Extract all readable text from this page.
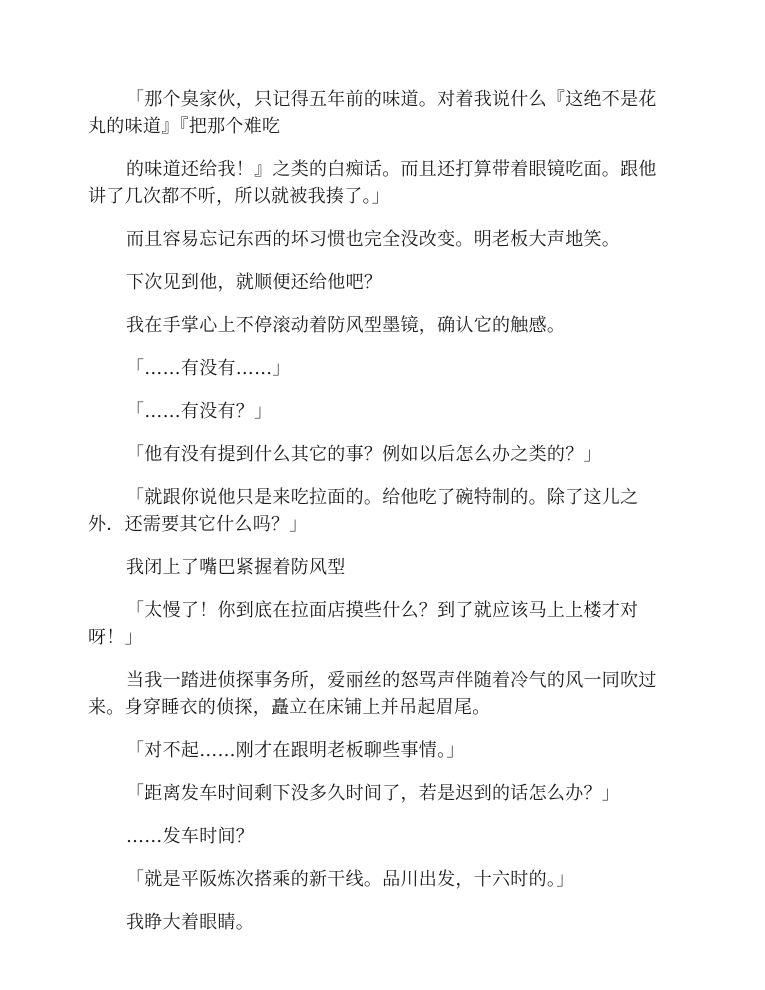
「那个臭家伙，只记得五年前的味道。对着我说什么『这绝不是花丸的味道』『把那个难吃

的味道还给我！』之类的白痴话。而且还打算带着眼镜吃面。跟他讲了几次都不听，所以就被我揍了。」

而且容易忘记东西的坏习惯也完全没改变。明老板大声地笑。

下次见到他，就顺便还给他吧？

我在手掌心上不停滚动着防风型墨镜，确认它的触感。

「……有没有……」

「……有没有？」

「他有没有提到什么其它的事？例如以后怎么办之类的？」

「就跟你说他只是来吃拉面的。给他吃了碗特制的。除了这儿之外．还需要其它什么吗？」

我闭上了嘴巴紧握着防风型

「太慢了！你到底在拉面店摸些什么？到了就应该马上上楼才对呀！」

当我一踏进侦探事务所，爱丽丝的怒骂声伴随着冷气的风一同吹过来。身穿睡衣的侦探，矗立在床铺上并吊起眉尾。

「对不起……刚才在跟明老板聊些事情。」

「距离发车时间剩下没多久时间了，若是迟到的话怎么办？」

……发车时间？

「就是平阪炼次搭乘的新干线。品川出发，十六时的。」

我睁大着眼睛。
